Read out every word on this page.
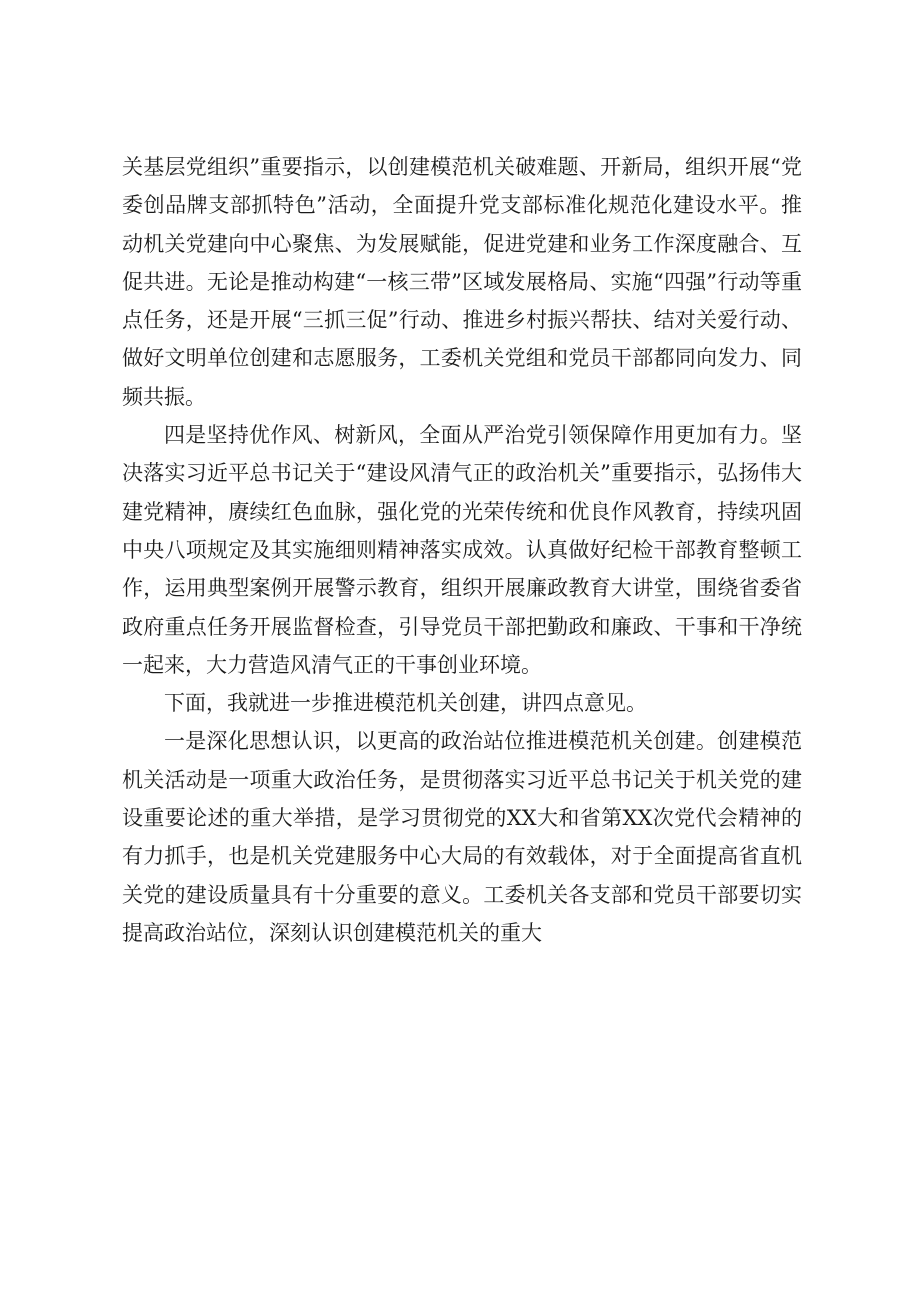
关基层党组织”重要指示，以创建模范机关破难题、开新局，组织开展“党委创品牌支部抓特色”活动，全面提升党支部标准化规范化建设水平。推动机关党建向中心聚焦、为发展赋能，促进党建和业务工作深度融合、互促共进。无论是推动构建“一核三带”区域发展格局、实施“四强”行动等重点任务，还是开展“三抓三促”行动、推进乡村振兴帮扶、结对关爱行动、做好文明单位创建和志愿服务，工委机关党组和党员干部都同向发力、同频共振。

四是坚持优作风、树新风，全面从严治党引领保障作用更加有力。坚决落实习近平总书记关于“建设风清气正的政治机关”重要指示，弘扬伟大建党精神，赓续红色血脉，强化党的光荣传统和优良作风教育，持续巩固中央八项规定及其实施细则精神落实成效。认真做好纪检干部教育整顿工作，运用典型案例开展警示教育，组织开展廉政教育大讲堂，围绕省委省政府重点任务开展监督检查，引导党员干部把勤政和廉政、干事和干净统一起来，大力营造风清气正的干事创业环境。

下面，我就进一步推进模范机关创建，讲四点意见。

一是深化思想认识，以更高的政治站位推进模范机关创建。创建模范机关活动是一项重大政治任务，是贯彻落实习近平总书记关于机关党的建设重要论述的重大举措，是学习贯彻党的XX大和省第XX次党代会精神的有力抓手，也是机关党建服务中心大局的有效载体，对于全面提高省直机关党的建设质量具有十分重要的意义。工委机关各支部和党员干部要切实提高政治站位，深刻认识创建模范机关的重大
